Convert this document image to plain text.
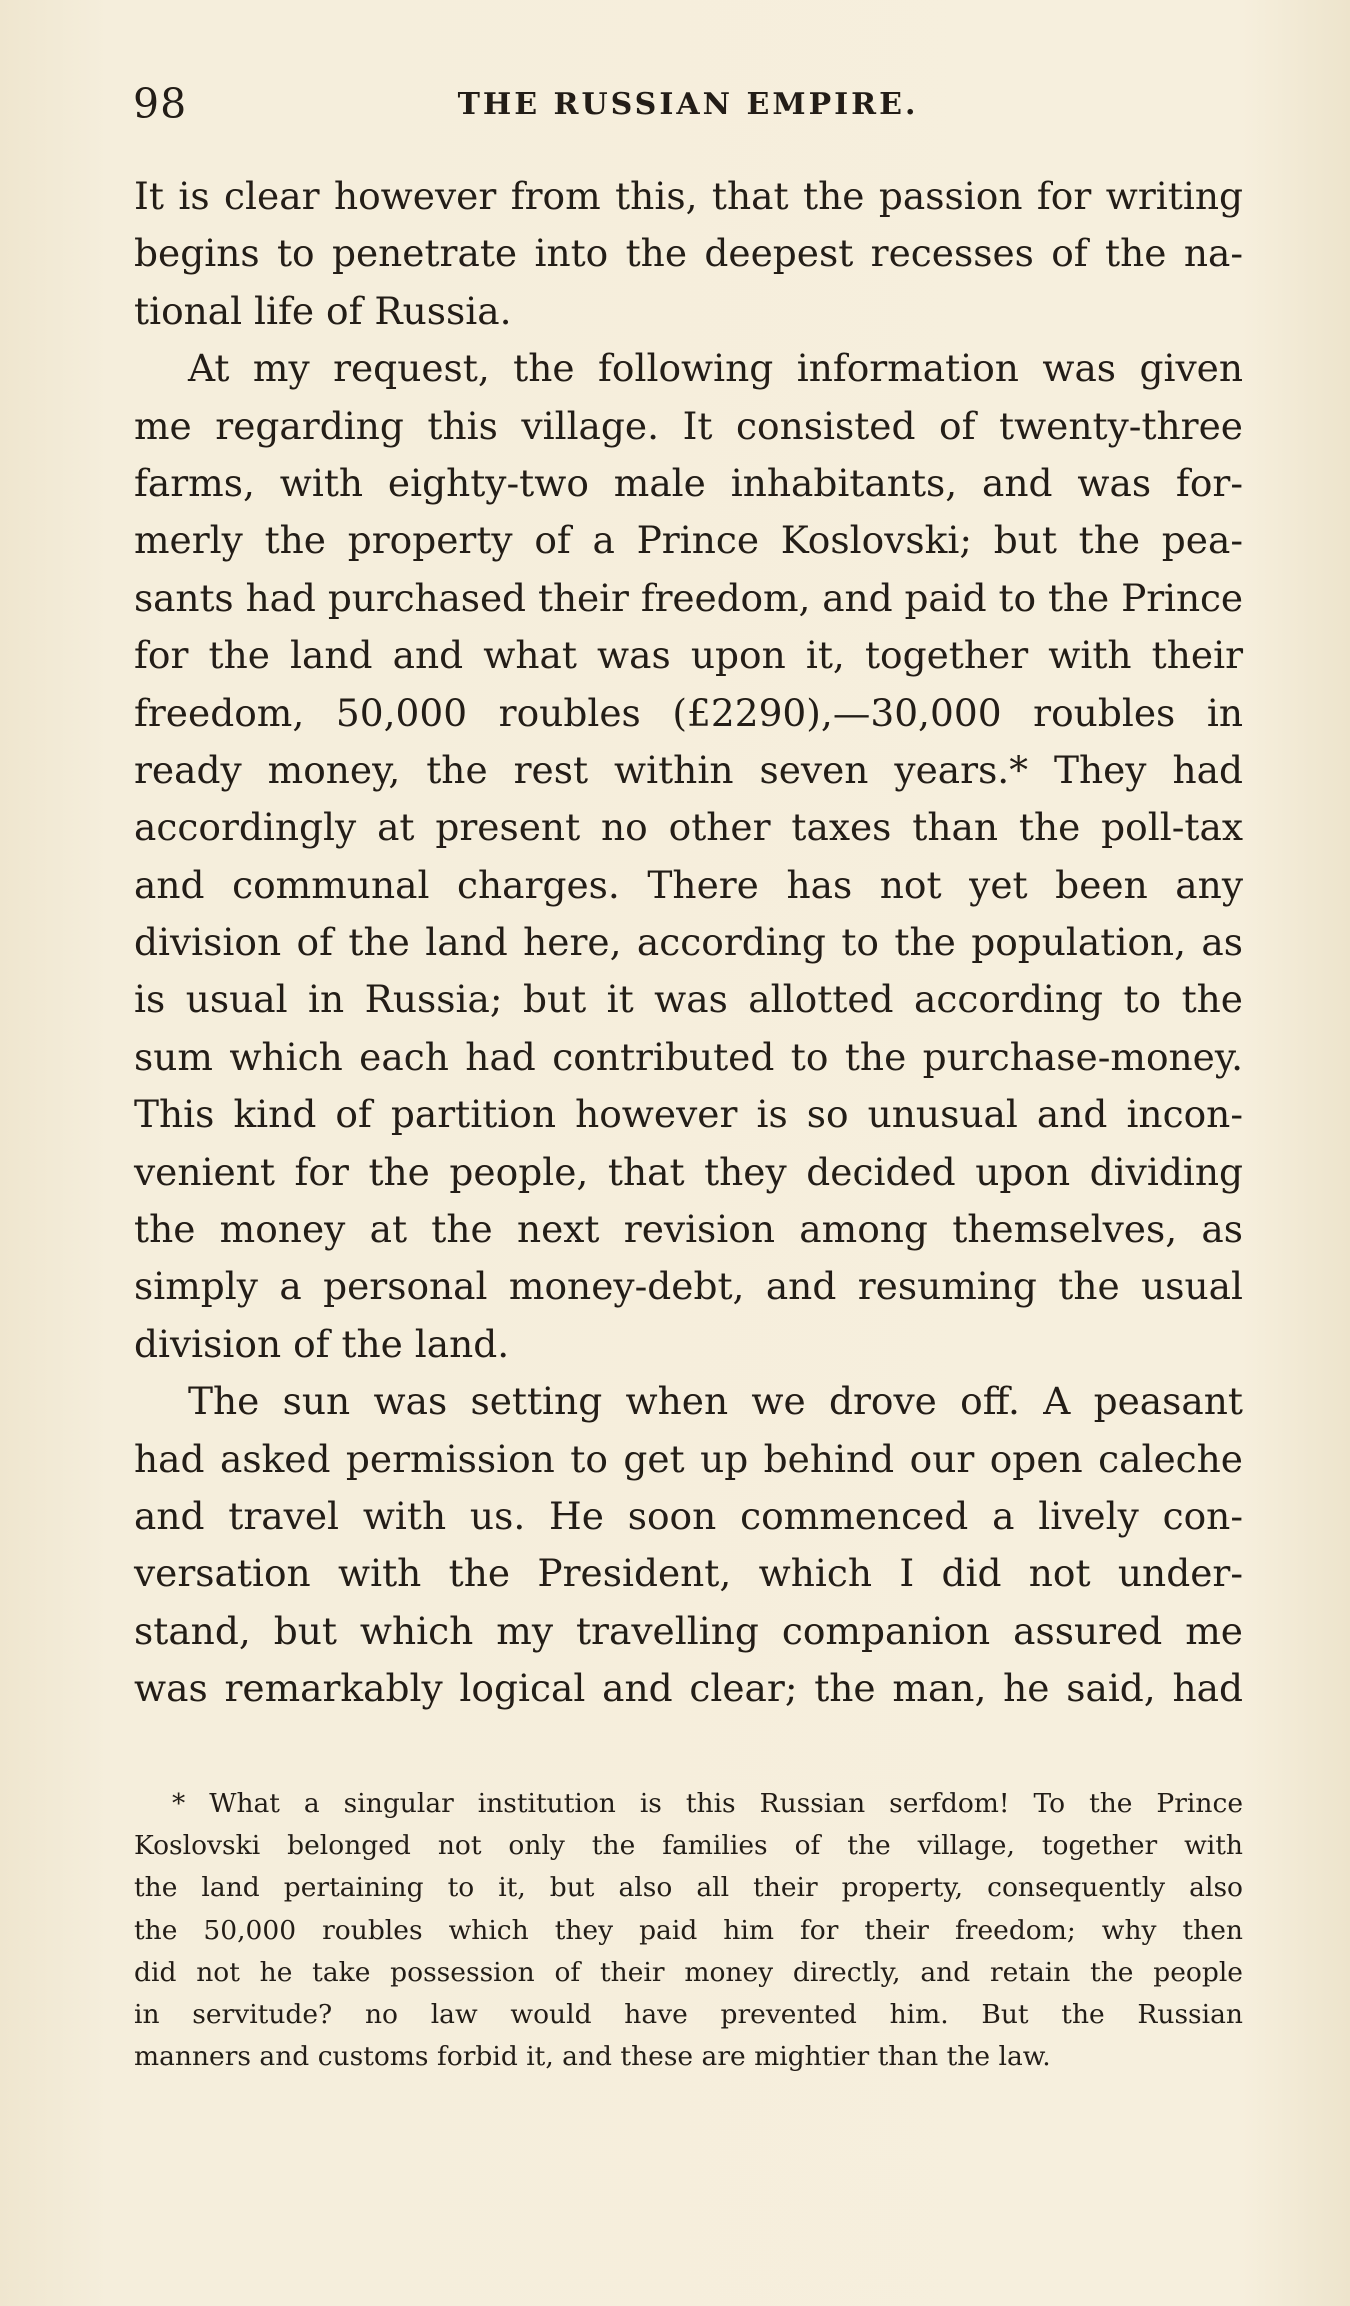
98	THE RUSSIAN EMPIRE.
It is clear however from this, that the passion for writing
begins to penetrate into the deepest recesses of the na-
tional life of Russia.
At my request, the following information was given
me regarding this village. It consisted of twenty-three
farms, with eighty-two male inhabitants, and was for-
merly the property of a Prince Koslovski; but the pea-
sants had purchased their freedom, and paid to the Prince
for the land and what was upon it, together with their
freedom, 50,000 roubles (£2290),—30,000 roubles in
ready money, the rest within seven years.* They had
accordingly at present no other taxes than the poll-tax
and communal charges. There has not yet been any
division of the land here, according to the population, as
is usual in Russia; but it was allotted according to the
sum which each had contributed to the purchase-money.
This kind of partition however is so unusual and incon-
venient for the people, that they decided upon dividing
the money at the next revision among themselves, as
simply a personal money-debt, and resuming the usual
division of the land.
The sun was setting when we drove off. A peasant
had asked permission to get up behind our open caleche
and travel with us. He soon commenced a lively con-
versation with the President, which I did not under-
stand, but which my travelling companion assured me
was remarkably logical and clear; the man, he said, had
* What a singular institution is this Russian serfdom! To the Prince
Koslovski belonged not only the families of the village, together with
the land pertaining to it, but also all their property, consequently also
the 50,000 roubles which they paid him for their freedom; why then
did not he take possession of their money directly, and retain the people
in servitude? no law would have prevented him. But the Russian
manners and customs forbid it, and these are mightier than the law.
